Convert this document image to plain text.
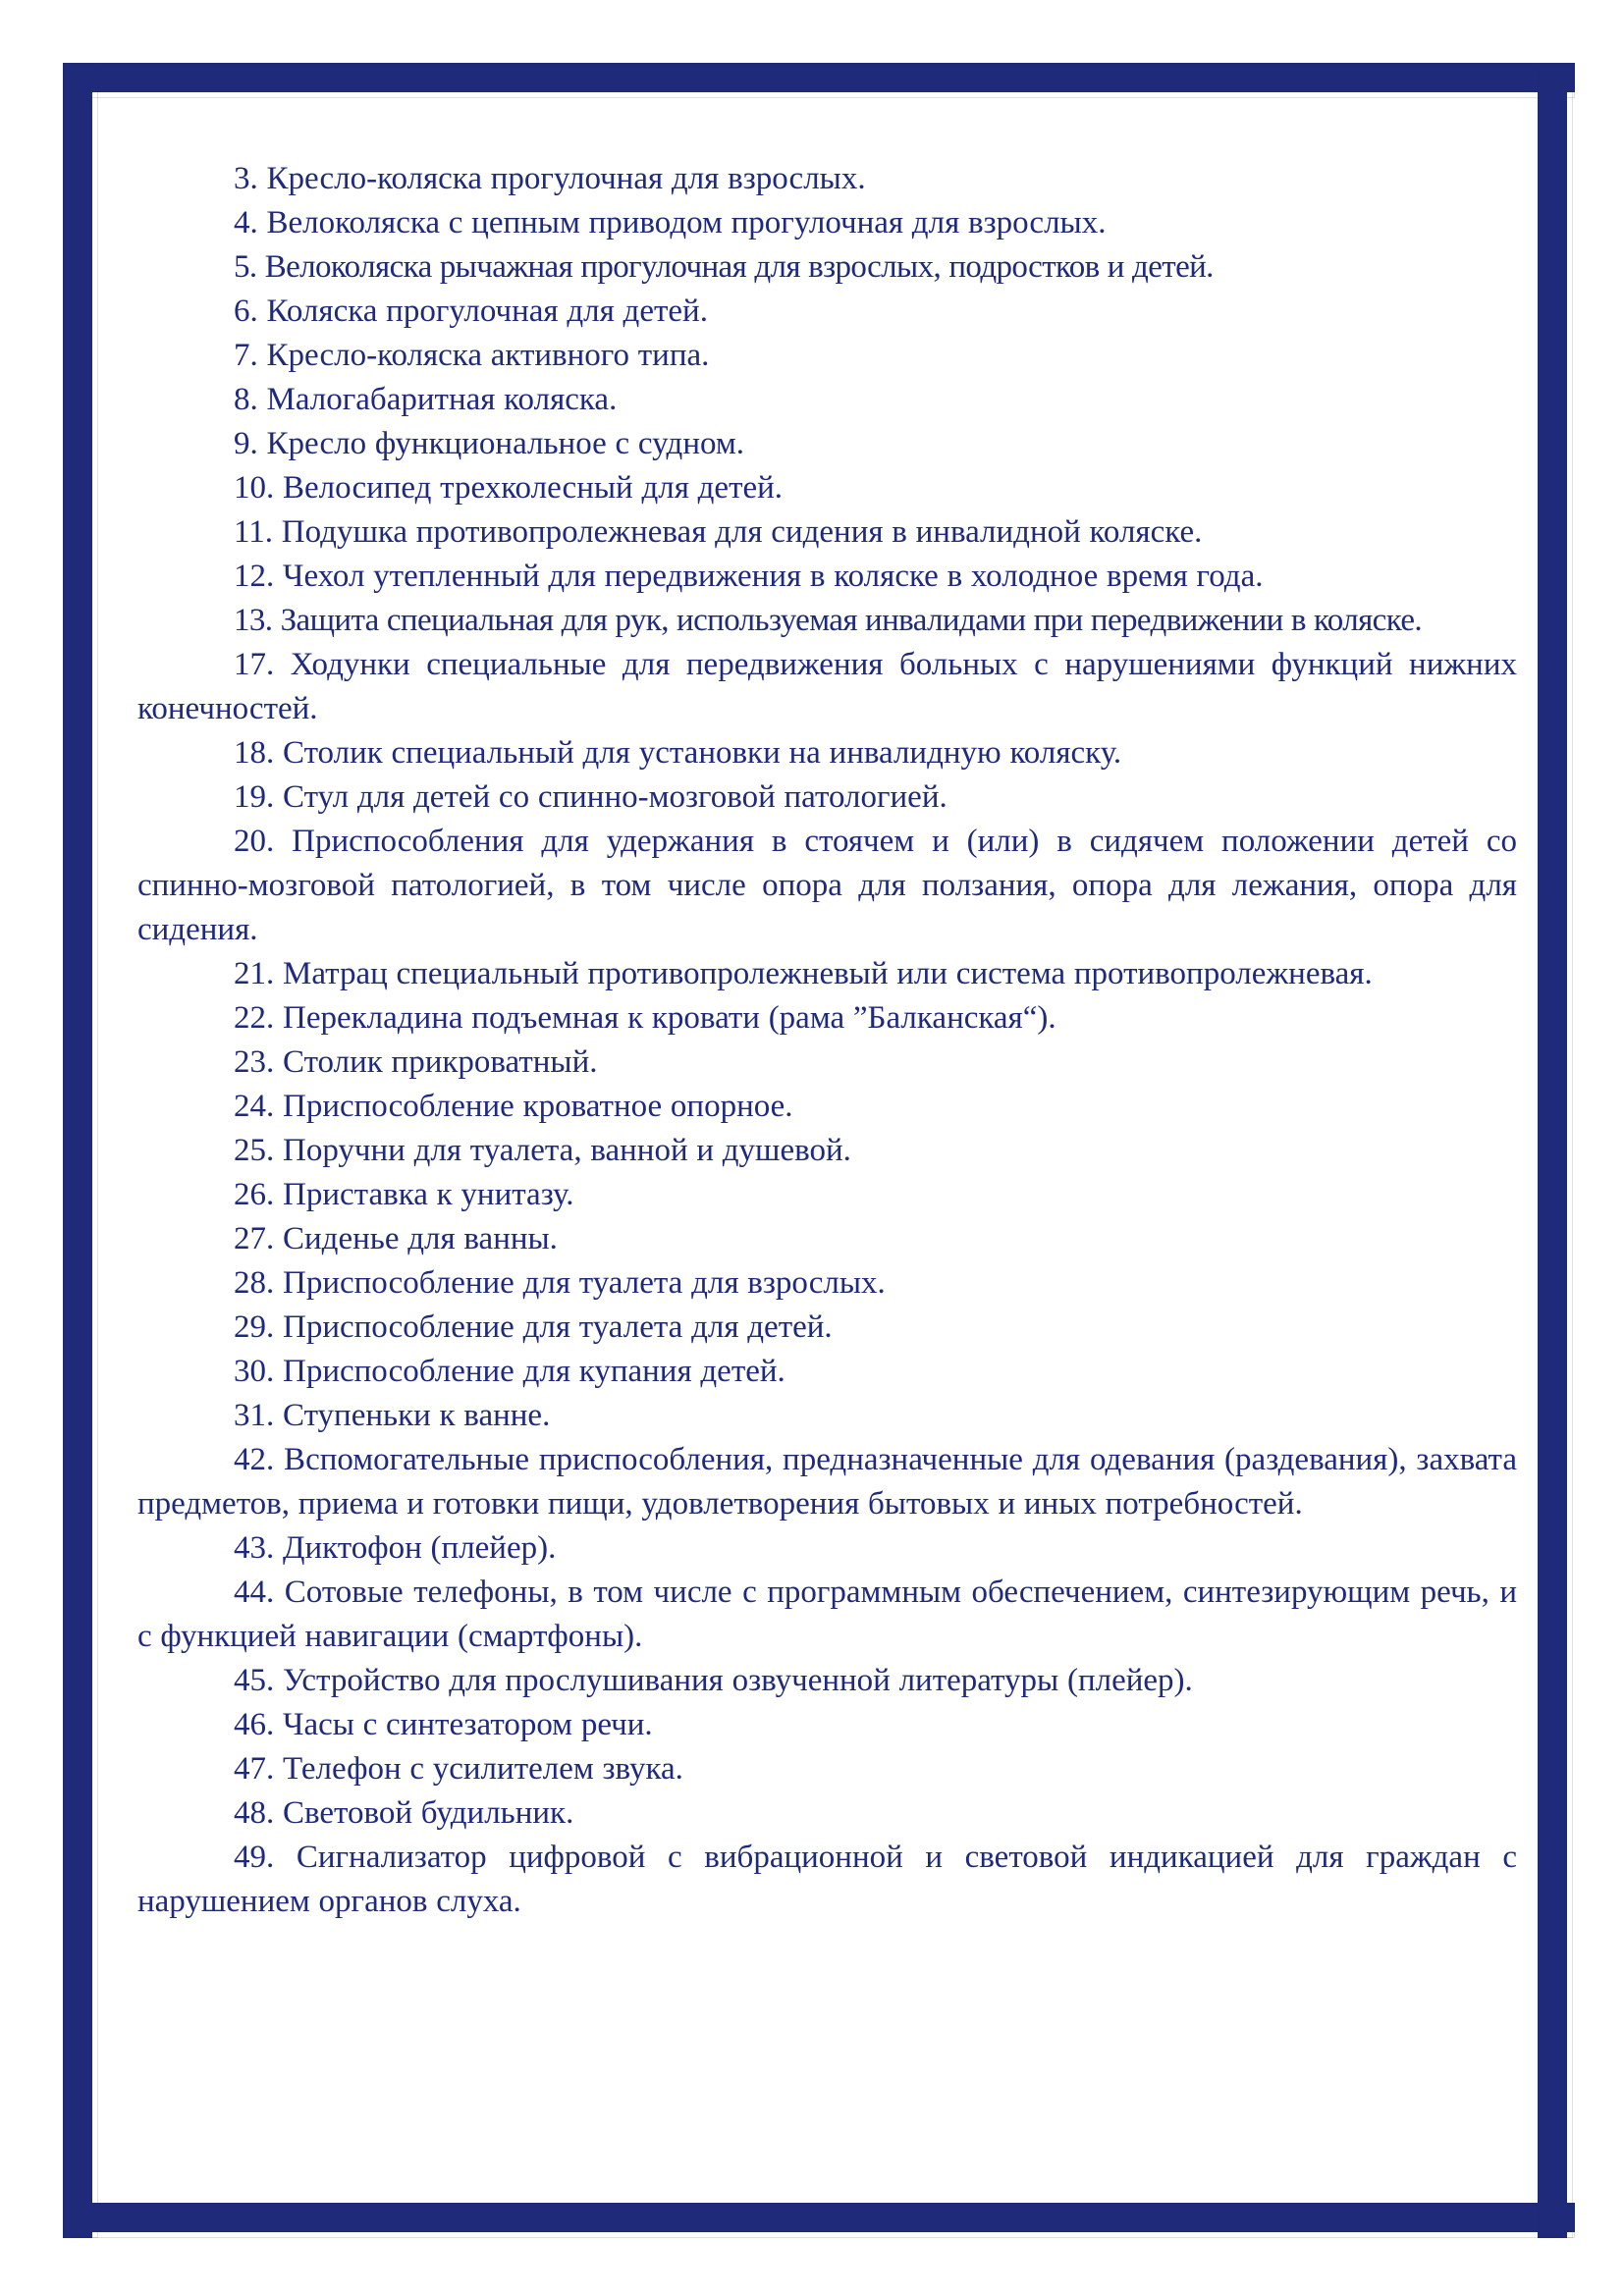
3. Кресло-коляска прогулочная для взрослых.

4. Велоколяска с цепным приводом прогулочная для взрослых.

5. Велоколяска рычажная прогулочная для взрослых, подростков и детей.

6. Коляска прогулочная для детей.

7. Кресло-коляска активного типа.

8. Малогабаритная коляска.

9. Кресло функциональное с судном.

10. Велосипед трехколесный для детей.

11. Подушка противопролежневая для сидения в инвалидной коляске.

12. Чехол утепленный для передвижения в коляске в холодное время года.

13. Защита специальная для рук, используемая инвалидами при передвижении в коляске.

17. Ходунки специальные для передвижения больных с нарушениями функций нижних конечностей.

18. Столик специальный для установки на инвалидную коляску.

19. Стул для детей со спинно-мозговой патологией.

20. Приспособления для удержания в стоячем и (или) в сидячем положении детей со спинно-мозговой патологией, в том числе опора для ползания, опора для лежания, опора для сидения.

21. Матрац специальный противопролежневый или система противопролежневая.

22. Перекладина подъемная к кровати (рама ”Балканская“).

23. Столик прикроватный.

24. Приспособление кроватное опорное.

25. Поручни для туалета, ванной и душевой.

26. Приставка к унитазу.

27. Сиденье для ванны.

28. Приспособление для туалета для взрослых.

29. Приспособление для туалета для детей.

30. Приспособление для купания детей.

31. Ступеньки к ванне.

42. Вспомогательные приспособления, предназначенные для одевания (раздевания), захвата предметов, приема и готовки пищи, удовлетворения бытовых и иных потребностей.

43. Диктофон (плейер).

44. Сотовые телефоны, в том числе с программным обеспечением, синтезирующим речь, и с функцией навигации (смартфоны).

45. Устройство для прослушивания озвученной литературы (плейер).

46. Часы с синтезатором речи.

47. Телефон с усилителем звука.

48. Световой будильник.

49. Сигнализатор цифровой с вибрационной и световой индикацией для граждан с нарушением органов слуха.
